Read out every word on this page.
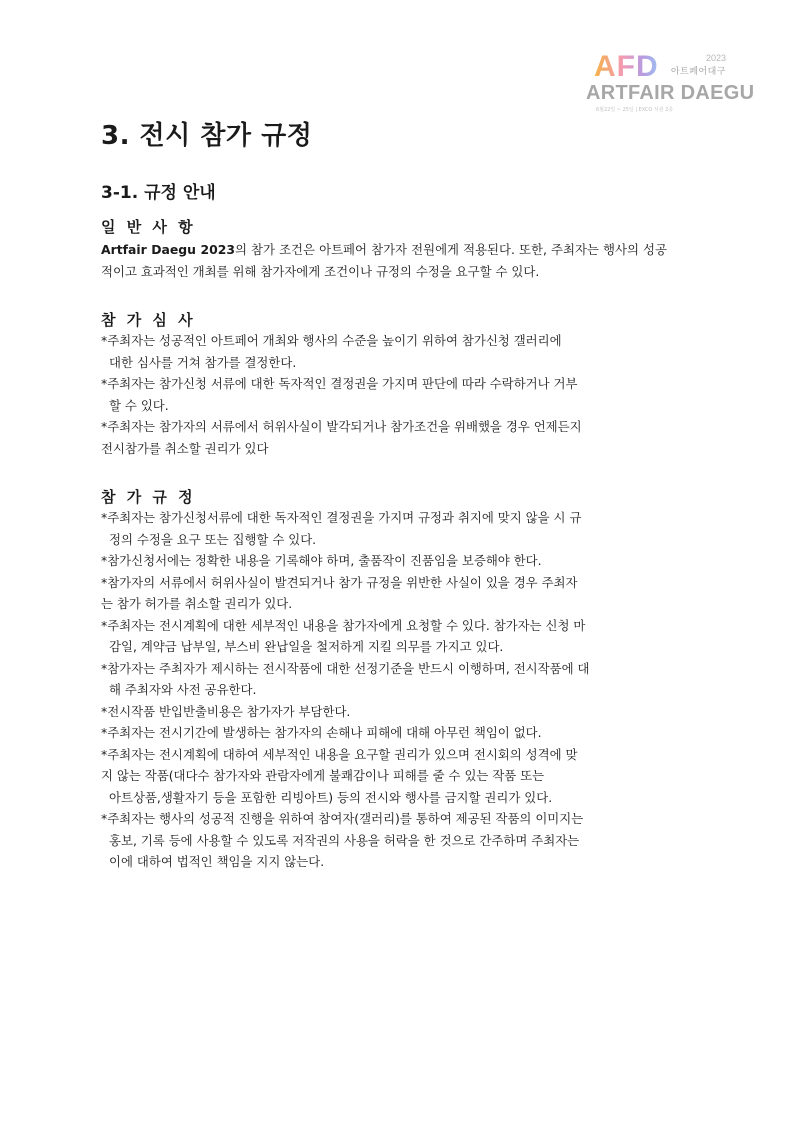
AFD	2023
아트페어대구
ARTFAIR DAEGU
6월22일 ~ 25일 | EXCO 서관 2층
3. 전시 참가 규정
3-1. 규정 안내
일 반 사 항

Artfair Daegu 2023의 참가 조건은 아트페어 참가자 전원에게 적용된다. 또한, 주최자는 행사의 성공적이고 효과적인 개최를 위해 참가자에게 조건이나 규정의 수정을 요구할 수 있다.

참 가 심 사

*주최자는 성공적인 아트페어 개최와 행사의 수준을 높이기 위하여 참가신청 갤러리에

대한 심사를 거쳐 참가를 결정한다.

*주최자는 참가신청 서류에 대한 독자적인 결정권을 가지며 판단에 따라 수락하거나 거부

할 수 있다.

*주최자는 참가자의 서류에서 허위사실이 발각되거나 참가조건을 위배했을 경우 언제든지

전시참가를 취소할 권리가 있다

참 가 규 정

*주최자는 참가신청서류에 대한 독자적인 결정권을 가지며 규정과 취지에 맞지 않을 시 규

정의 수정을 요구 또는 집행할 수 있다.

*참가신청서에는 정확한 내용을 기록해야 하며, 출품작이 진품임을 보증해야 한다.

*참가자의 서류에서 허위사실이 발견되거나 참가 규정을 위반한 사실이 있을 경우 주최자

는 참가 허가를 취소할 권리가 있다.

*주최자는 전시계획에 대한 세부적인 내용을 참가자에게 요청할 수 있다. 참가자는 신청 마

감일, 계약금 납부일, 부스비 완납일을 철저하게 지킬 의무를 가지고 있다.

*참가자는 주최자가 제시하는 전시작품에 대한 선정기준을 반드시 이행하며, 전시작품에 대

해 주최자와 사전 공유한다.

*전시작품 반입반출비용은 참가자가 부담한다.

*주최자는 전시기간에 발생하는 참가자의 손해나 피해에 대해 아무런 책임이 없다.

*주최자는 전시계획에 대하여 세부적인 내용을 요구할 권리가 있으며 전시회의 성격에 맞

지 않는 작품(대다수 참가자와 관람자에게 불쾌감이나 피해를 줄 수 있는 작품 또는

아트상품,생활자기 등을 포함한 리빙아트) 등의 전시와 행사를 금지할 권리가 있다.

*주최자는 행사의 성공적 진행을 위하여 참여자(갤러리)를 통하여 제공된 작품의 이미지는

홍보, 기록 등에 사용할 수 있도록 저작권의 사용을 허락을 한 것으로 간주하며 주최자는

이에 대하여 법적인 책임을 지지 않는다.
